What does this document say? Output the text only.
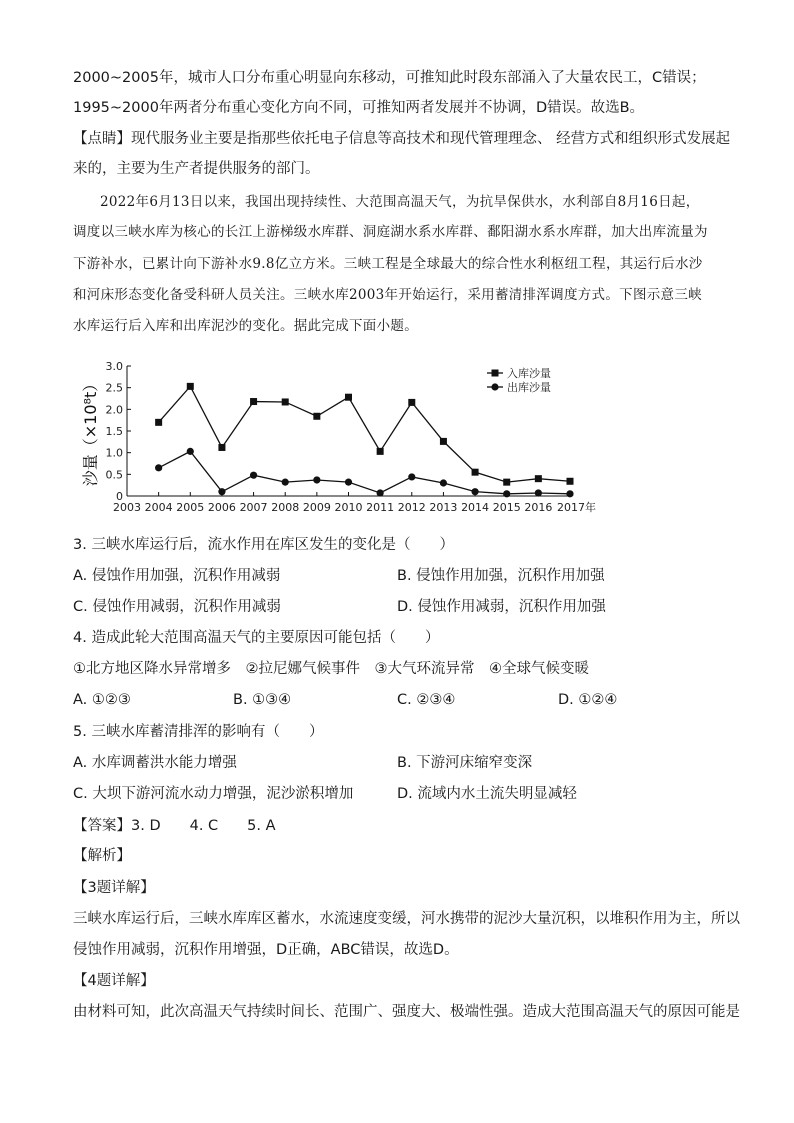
2000~2005年，城市人口分布重心明显向东移动，可推知此时段东部涌入了大量农民工，C错误；
1995~2000年两者分布重心变化方向不同，可推知两者发展并不协调，D错误。故选B。
【点睛】现代服务业主要是指那些依托电子信息等高技术和现代管理理念、 经营方式和组织形式发展起
来的，主要为生产者提供服务的部门。
2022年6月13日以来，我国出现持续性、大范围高温天气，为抗旱保供水，水利部自8月16日起，
调度以三峡水库为核心的长江上游梯级水库群、洞庭湖水系水库群、鄱阳湖水系水库群，加大出库流量为
下游补水，已累计向下游补水9.8亿立方米。三峡工程是全球最大的综合性水利枢纽工程，其运行后水沙
和河床形态变化备受科研人员关注。三峡水库2003年开始运行，采用蓄清排浑调度方式。下图示意三峡
水库运行后入库和出库泥沙的变化。据此完成下面小题。
0
0.5
1.0
1.5
2.0
2.5
3.0
2003 2004 2005 2006 2007 2008 2009 2010 2011 2012 2013 2014 2015 2016 2017年
沙量（×10⁸t）
入库沙量
出库沙量
3. 三峡水库运行后，流水作用在库区发生的变化是（　　）
A. 侵蚀作用加强，沉积作用减弱	B. 侵蚀作用加强，沉积作用加强
C. 侵蚀作用减弱，沉积作用减弱	D. 侵蚀作用减弱，沉积作用加强
4. 造成此轮大范围高温天气的主要原因可能包括（　　）
①北方地区降水异常增多　②拉尼娜气候事件　③大气环流异常　④全球气候变暖
A. ①②③	B. ①③④	C. ②③④	D. ①②④
5. 三峡水库蓄清排浑的影响有（　　）
A. 水库调蓄洪水能力增强	B. 下游河床缩窄变深
C. 大坝下游河流水动力增强，泥沙淤积增加	D. 流域内水土流失明显减轻
【答案】3. D　　4. C　　5. A
【解析】
【3题详解】
三峡水库运行后，三峡水库库区蓄水，水流速度变缓，河水携带的泥沙大量沉积，以堆积作用为主，所以
侵蚀作用减弱，沉积作用增强，D正确，ABC错误，故选D。
【4题详解】
由材料可知，此次高温天气持续时间长、范围广、强度大、极端性强。造成大范围高温天气的原因可能是
